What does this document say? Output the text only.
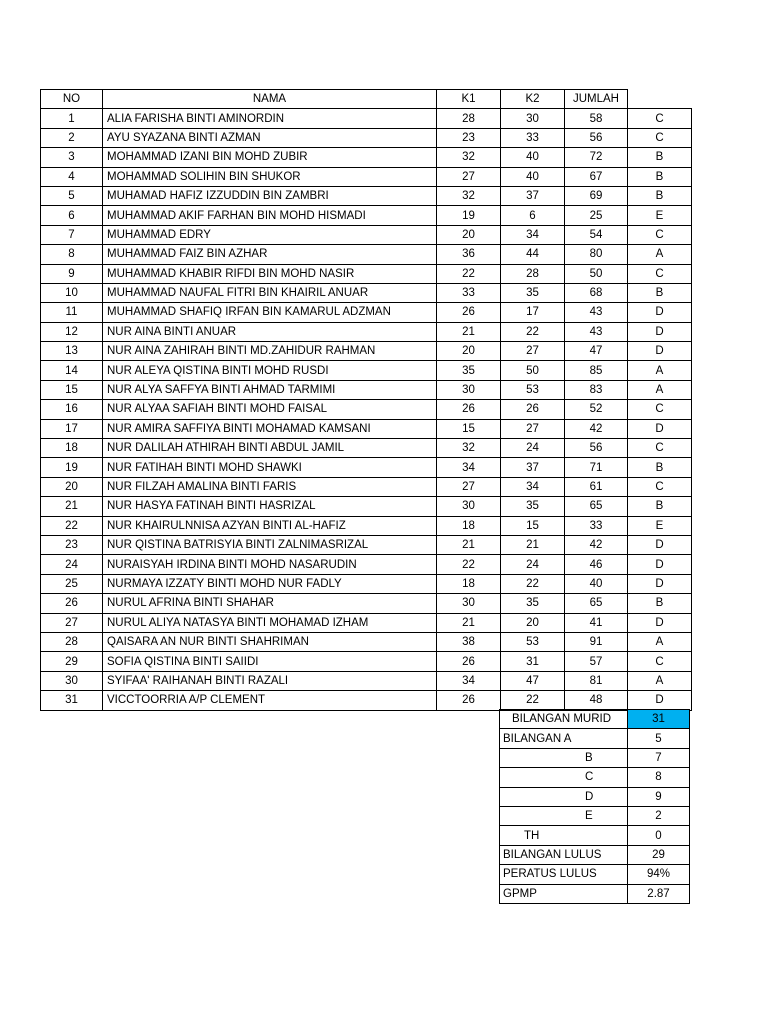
NO	NAMA	K1	K2	JUMLAH	
1	ALIA FARISHA BINTI AMINORDIN	28	30	58	C
2	AYU SYAZANA BINTI AZMAN	23	33	56	C
3	MOHAMMAD IZANI BIN MOHD ZUBIR	32	40	72	B
4	MOHAMMAD SOLIHIN BIN SHUKOR	27	40	67	B
5	MUHAMAD HAFIZ IZZUDDIN BIN ZAMBRI	32	37	69	B
6	MUHAMMAD AKIF FARHAN BIN MOHD HISMADI	19	6	25	E
7	MUHAMMAD EDRY	20	34	54	C
8	MUHAMMAD FAIZ BIN AZHAR	36	44	80	A
9	MUHAMMAD KHABIR RIFDI BIN MOHD NASIR	22	28	50	C
10	MUHAMMAD NAUFAL FITRI BIN KHAIRIL ANUAR	33	35	68	B
11	MUHAMMAD SHAFIQ IRFAN BIN KAMARUL ADZMAN	26	17	43	D
12	NUR AINA BINTI ANUAR	21	22	43	D
13	NUR AINA ZAHIRAH BINTI MD.ZAHIDUR RAHMAN	20	27	47	D
14	NUR ALEYA QISTINA BINTI MOHD RUSDI	35	50	85	A
15	NUR ALYA SAFFYA BINTI AHMAD TARMIMI	30	53	83	A
16	NUR ALYAA SAFIAH BINTI MOHD FAISAL	26	26	52	C
17	NUR AMIRA SAFFIYA BINTI MOHAMAD KAMSANI	15	27	42	D
18	NUR DALILAH ATHIRAH BINTI ABDUL JAMIL	32	24	56	C
19	NUR FATIHAH BINTI MOHD SHAWKI	34	37	71	B
20	NUR FILZAH AMALINA BINTI FARIS	27	34	61	C
21	NUR HASYA FATINAH BINTI HASRIZAL	30	35	65	B
22	NUR KHAIRULNNISA AZYAN BINTI AL-HAFIZ	18	15	33	E
23	NUR QISTINA BATRISYIA BINTI ZALNIMASRIZAL	21	21	42	D
24	NURAISYAH IRDINA BINTI MOHD NASARUDIN	22	24	46	D
25	NURMAYA IZZATY BINTI MOHD NUR FADLY	18	22	40	D
26	NURUL AFRINA BINTI SHAHAR	30	35	65	B
27	NURUL ALIYA NATASYA BINTI MOHAMAD IZHAM	21	20	41	D
28	QAISARA AN NUR BINTI SHAHRIMAN	38	53	91	A
29	SOFIA QISTINA BINTI SAIIDI	26	31	57	C
30	SYIFAA' RAIHANAH BINTI RAZALI	34	47	81	A
31	VICCTOORRIA A/P CLEMENT	26	22	48	D
BILANGAN MURID	31
BILANGAN A	5
B	7
C	8
D	9
E	2
TH	0
BILANGAN LULUS	29
PERATUS LULUS	94%
GPMP	2.87
